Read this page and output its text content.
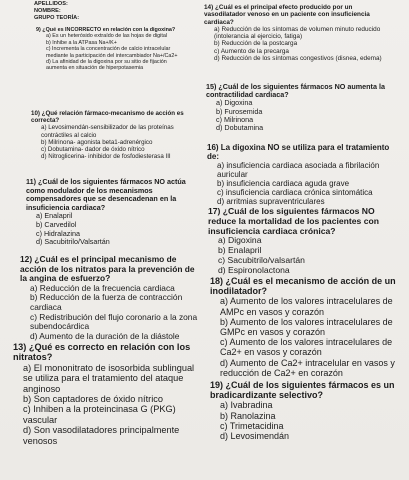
APELLIDOS:
NOMBRE:
GRUPO TEORÍA:
9) ¿Qué es INCORRECTO en relación con la digoxina?
a) Es un heterósido extraído de las hojas de digital
b) Inhibe a la ATPasa Na+/K+
c) Incrementa la concentración de calcio intracelular mediante la participación del intercambiador Na+/Ca2+
d) La afinidad de la digoxina por su sitio de fijación aumenta en situación de hiperpotasemia
10) ¿Qué relación fármaco-mecanismo de acción es correcta?
a) Levosimendán-sensibilizador de las proteínas contráctiles al calcio
b) Milrinona- agonista beta1-adrenérgico
c) Dobutamina- dador de óxido nítrico
d) Nitroglicerina- inhibidor de fosfodiesterasa III
11) ¿Cuál de los siguientes fármacos NO actúa como modulador de los mecanismos compensadores que se desencadenan en la insuficiencia cardiaca?
a) Enalapril
b) Carvedilol
c) Hidralazina
d) Sacubitrilo/Valsartán
12) ¿Cuál es el principal mecanismo de acción de los nitratos para la prevención de la angina de esfuerzo?
a) Reducción de la frecuencia cardiaca
b) Reducción de la fuerza de contracción cardiaca
c) Redistribución del flujo coronario a la zona subendocárdica
d) Aumento de la duración de la diástole
13) ¿Qué es correcto en relación con los nitratos?
a) El mononitrato de isosorbida sublingual se utiliza para el tratamiento del ataque anginoso
b) Son captadores de óxido nítrico
c) Inhiben a la proteincinasa G (PKG) vascular
d) Son vasodilatadores principalmente venosos
14) ¿Cuál es el principal efecto producido por un vasodilatador venoso en un paciente con insuficiencia cardiaca?
a) Reducción de los síntomas de volumen minuto reducido (intolerancia al ejercicio, fatiga)
b) Reducción de la postcarga
c) Aumento de la precarga
d) Reducción de los síntomas congestivos (disnea, edema)
15) ¿Cuál de los siguientes fármacos NO aumenta la contractilidad cardiaca?
a) Digoxina
b) Furosemida
c) Milrinona
d) Dobutamina
16) La digoxina NO se utiliza para el tratamiento de:
a) insuficiencia cardiaca asociada a fibrilación auricular
b) insuficiencia cardiaca aguda grave
c) insuficiencia cardiaca crónica sintomática
d) arritmias supraventriculares
17) ¿Cuál de los siguientes fármacos NO reduce la mortalidad de los pacientes con insuficiencia cardiaca crónica?
a) Digoxina
b) Enalapril
c) Sacubitrilo/valsartán
d) Espironolactona
18) ¿Cuál es el mecanismo de acción de un inodilatador?
a) Aumento de los valores intracelulares de AMPc en vasos y corazón
b) Aumento de los valores intracelulares de GMPc en vasos y corazón
c) Aumento de los valores intracelulares de Ca2+ en vasos y corazón
d) Aumento de Ca2+ intracelular en vasos y reducción de Ca2+ en corazón
19) ¿Cuál de los siguientes fármacos es un bradicardizante selectivo?
a) Ivabradina
b) Ranolazina
c) Trimetacidina
d) Levosimendán
